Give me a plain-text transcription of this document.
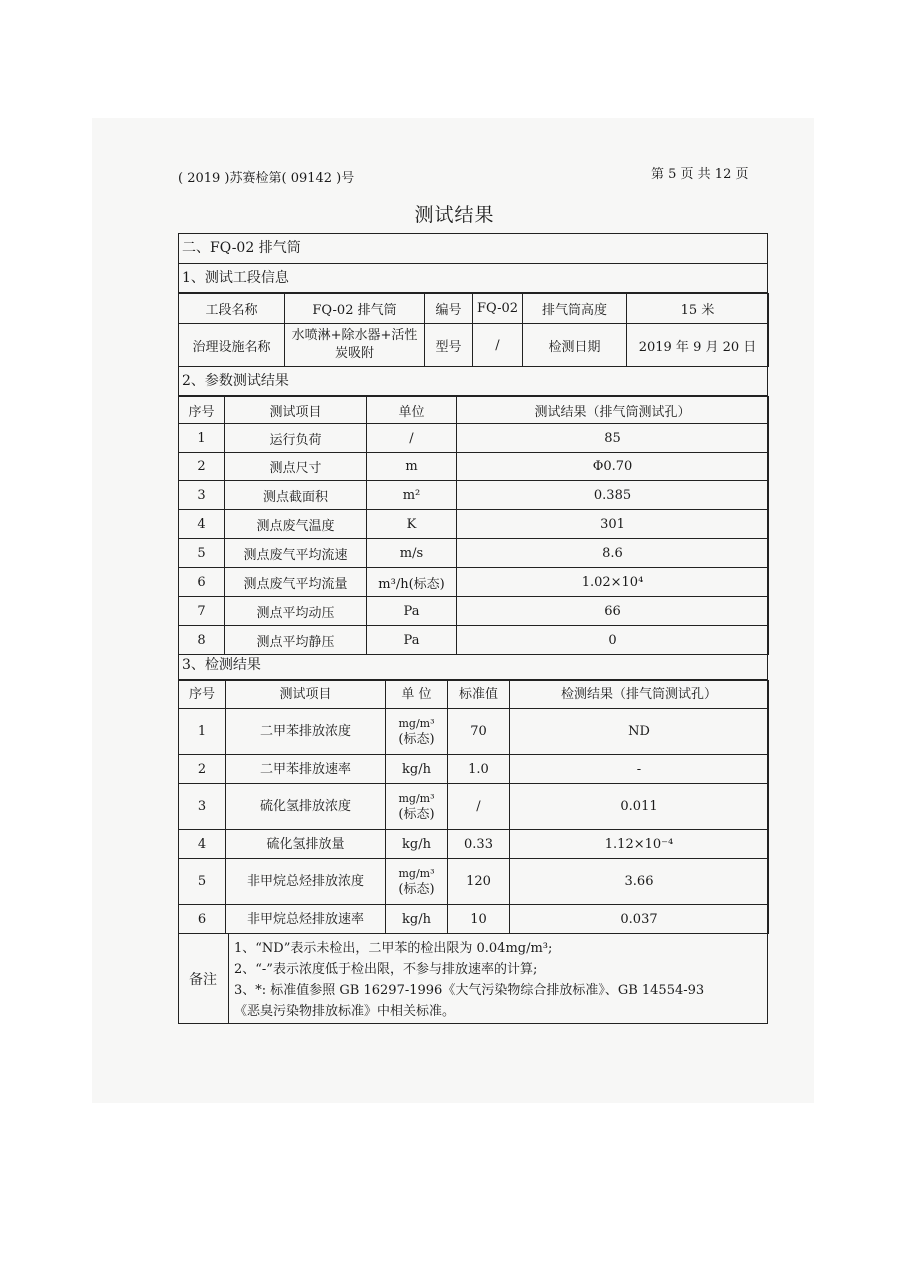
( 2019 )苏赛检第( 09142 )号	第 5 页 共 12 页
测试结果
二、FQ-02 排气筒
1、测试工段信息
工段名称	FQ-02 排气筒	编号	FQ-02	排气筒高度	15 米
治理设施名称	水喷淋+除水器+活性炭吸附	型号	/	检测日期	2019 年 9 月 20 日
2、参数测试结果
序号	测试项目	单位	测试结果（排气筒测试孔）
1	运行负荷	/	85
2	测点尺寸	m	Φ0.70
3	测点截面积	m²	0.385
4	测点废气温度	K	301
5	测点废气平均流速	m/s	8.6
6	测点废气平均流量	m³/h(标态)	1.02×10⁴
7	测点平均动压	Pa	66
8	测点平均静压	Pa	0
3、检测结果
序号	测试项目	单 位	标准值	检测结果（排气筒测试孔）
1	二甲苯排放浓度	mg/m³
(标态)	70	ND
2	二甲苯排放速率	kg/h	1.0	-
3	硫化氢排放浓度	mg/m³
(标态)	/	0.011
4	硫化氢排放量	kg/h	0.33	1.12×10⁻⁴
5	非甲烷总烃排放浓度	mg/m³
(标态)	120	3.66
6	非甲烷总烃排放速率	kg/h	10	0.037
备注
1、“ND”表示未检出，二甲苯的检出限为 0.04mg/m³;
2、“-”表示浓度低于检出限，不参与排放速率的计算;
3、*: 标准值参照 GB 16297-1996《大气污染物综合排放标准》、GB 14554-93
《恶臭污染物排放标准》中相关标准。
